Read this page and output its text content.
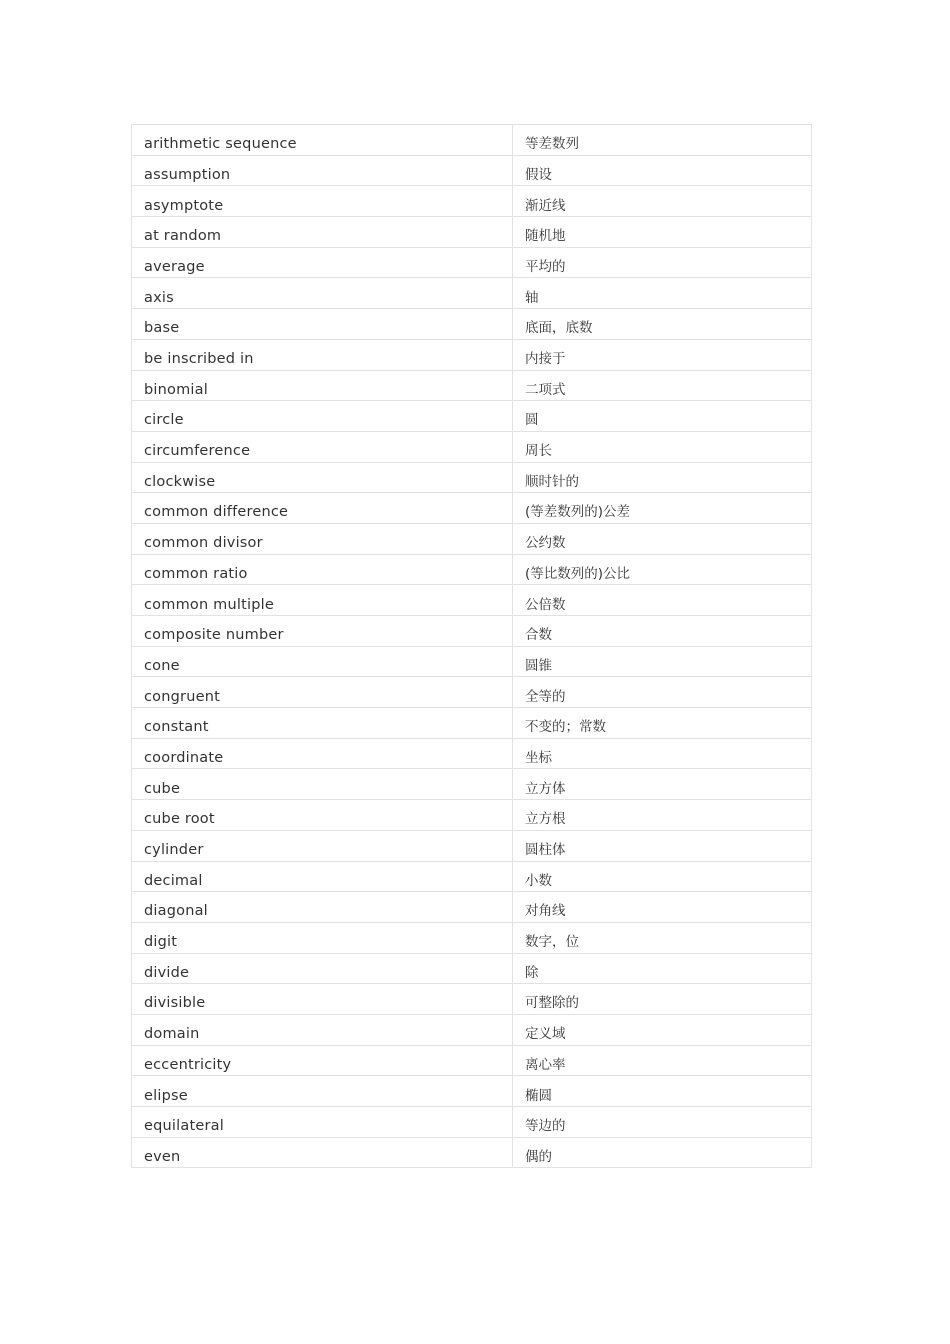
arithmetic sequence	等差数列
assumption	假设
asymptote	渐近线
at random	随机地
average	平均的
axis	轴
base	底面，底数
be inscribed in	内接于
binomial	二项式
circle	圆
circumference	周长
clockwise	顺时针的
common difference	(等差数列的)公差
common divisor	公约数
common ratio	(等比数列的)公比
common multiple	公倍数
composite number	合数
cone	圆锥
congruent	全等的
constant	不变的；常数
coordinate	坐标
cube	立方体
cube root	立方根
cylinder	圆柱体
decimal	小数
diagonal	对角线
digit	数字，位
divide	除
divisible	可整除的
domain	定义域
eccentricity	离心率
elipse	椭圆
equilateral	等边的
even	偶的
